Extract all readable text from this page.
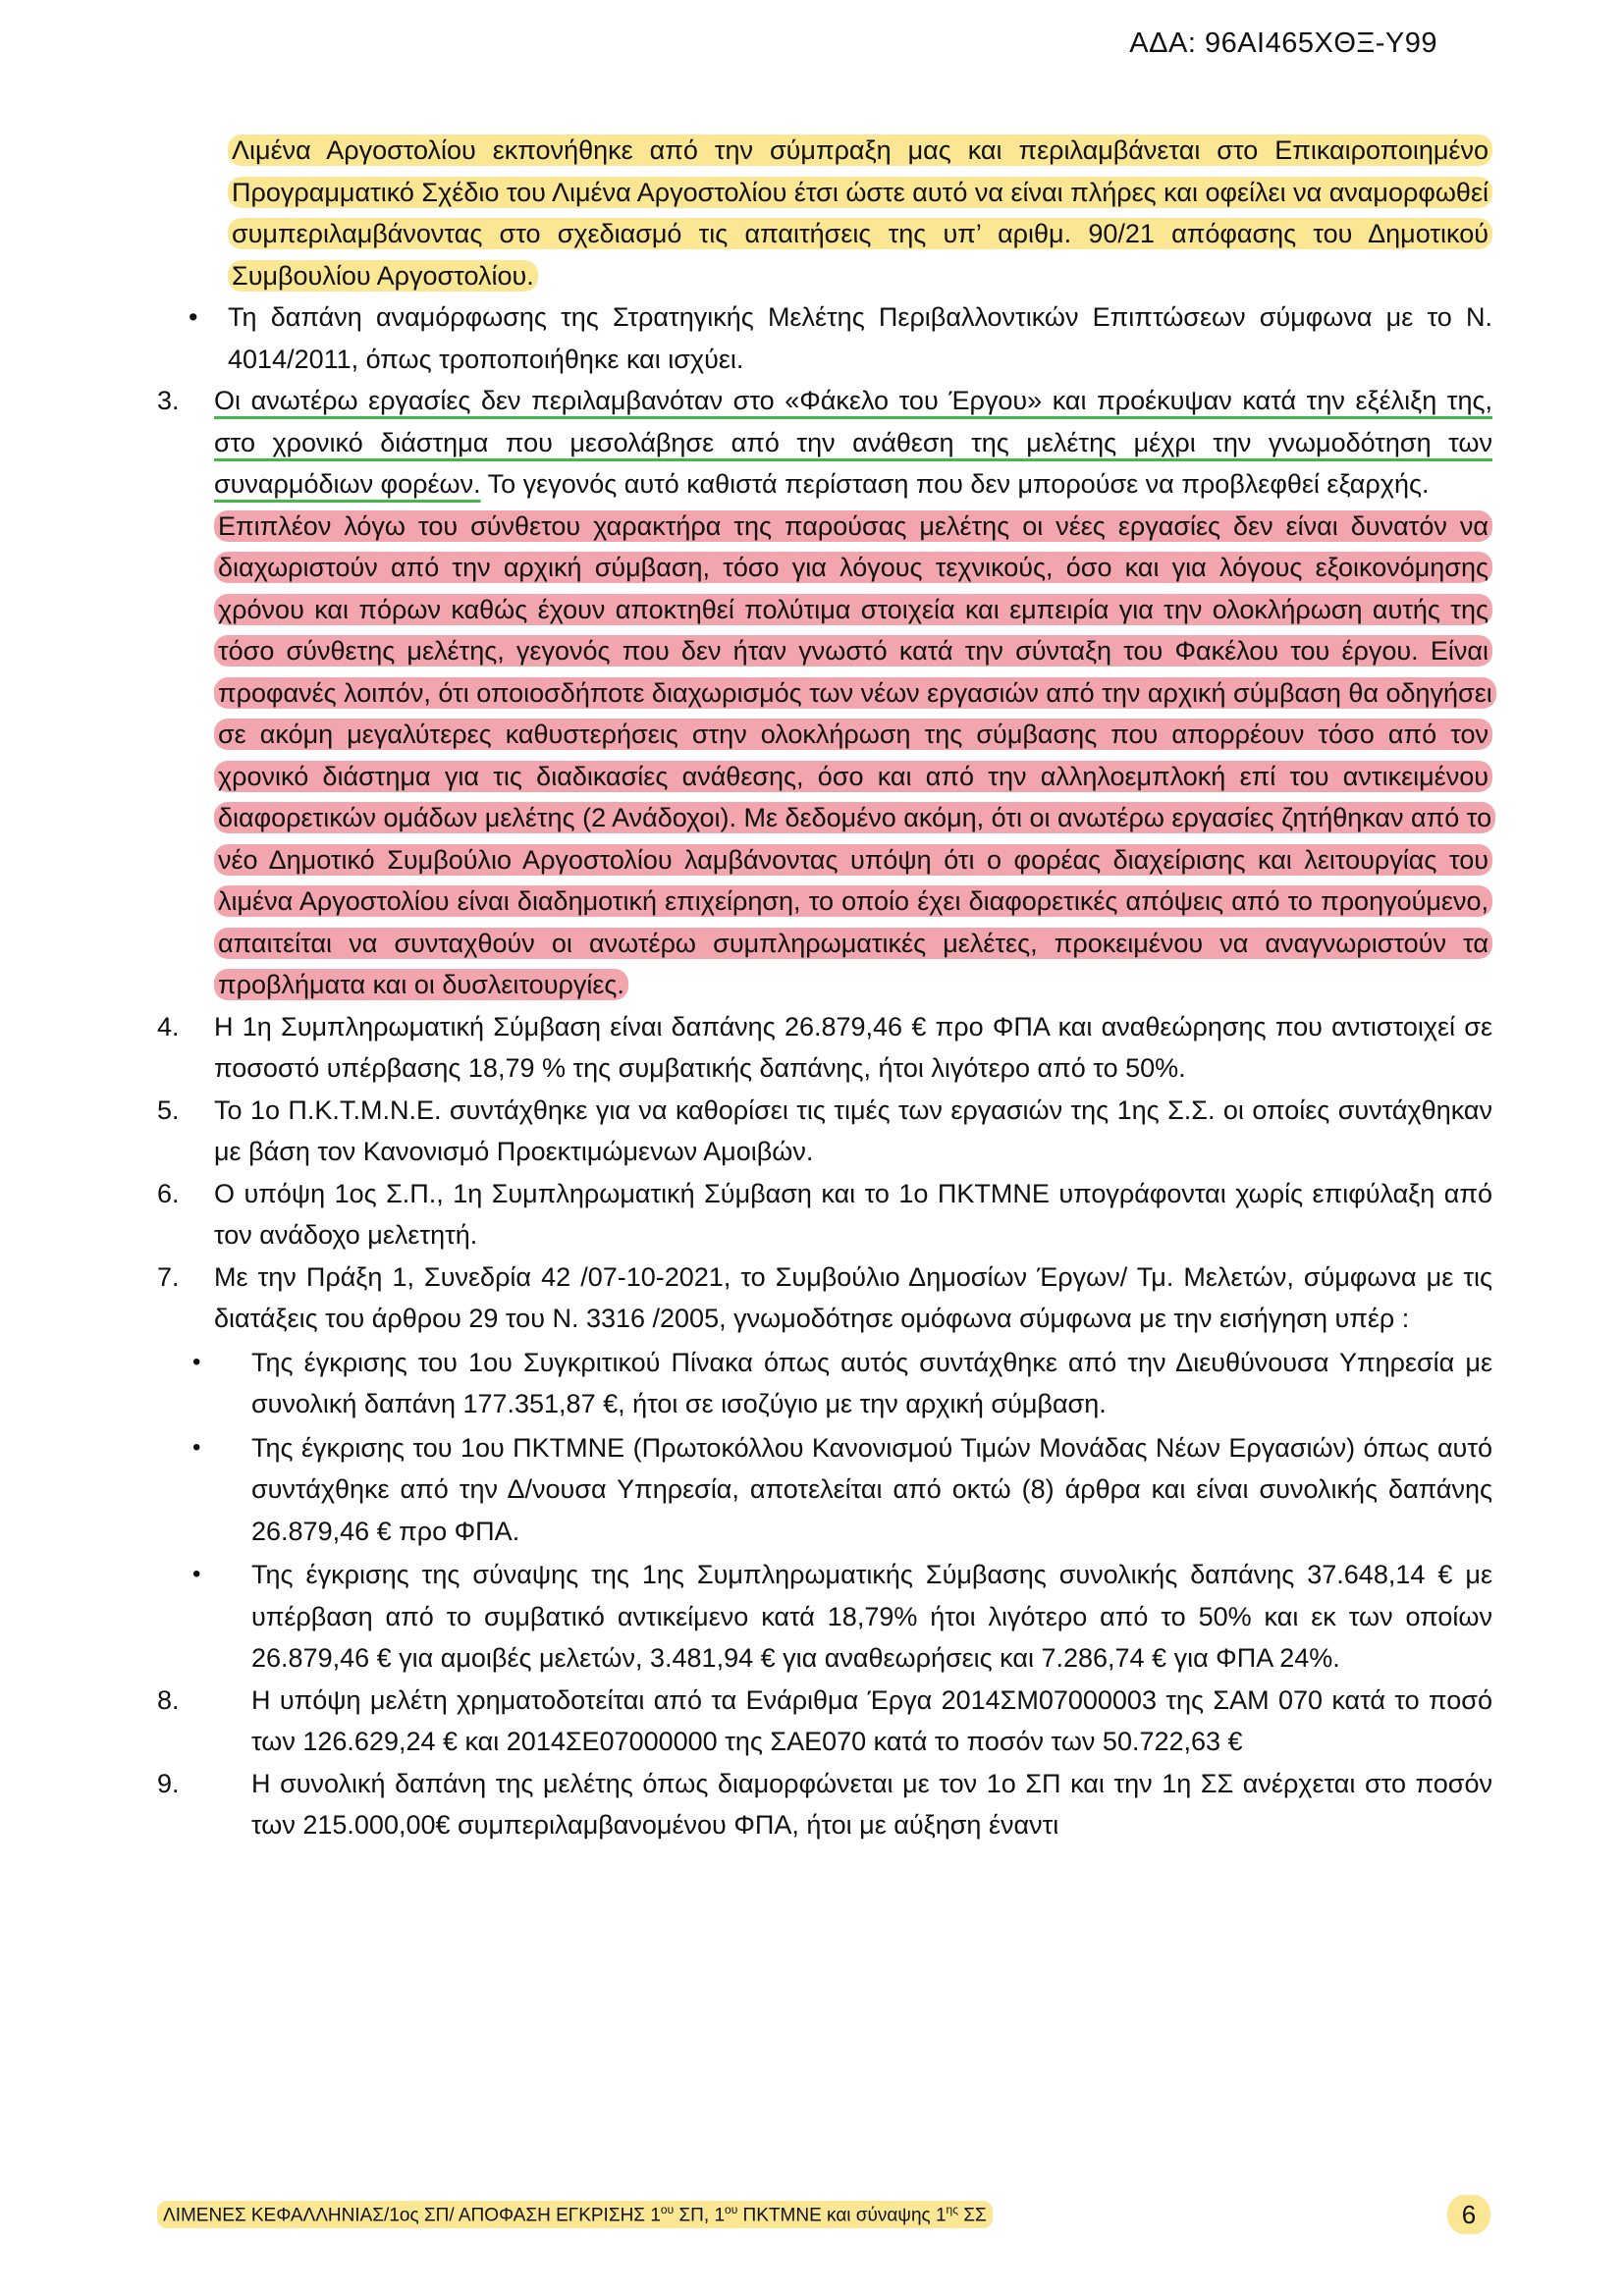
ΑΔΑ: 96ΑΙ465ΧΘΞ-Υ99
Λιμένα Αργοστολίου εκπονήθηκε από την σύμπραξη μας και περιλαμβάνεται στο Επικαιροποιημένο Προγραμματικό Σχέδιο του Λιμένα Αργοστολίου έτσι ώστε αυτό να είναι πλήρες και οφείλει να αναμορφωθεί συμπεριλαμβάνοντας στο σχεδιασμό τις απαιτήσεις της υπ’ αριθμ. 90/21 απόφασης του Δημοτικού Συμβουλίου Αργοστολίου.
• Τη δαπάνη αναμόρφωσης της Στρατηγικής Μελέτης Περιβαλλοντικών Επιπτώσεων σύμφωνα με το Ν. 4014/2011, όπως τροποποιήθηκε και ισχύει.
3. Οι ανωτέρω εργασίες δεν περιλαμβανόταν στο «Φάκελο του Έργου» και προέκυψαν κατά την εξέλιξη της, στο χρονικό διάστημα που μεσολάβησε από την ανάθεση της μελέτης μέχρι την γνωμοδότηση των συναρμόδιων φορέων. Το γεγονός αυτό καθιστά περίσταση που δεν μπορούσε να προβλεφθεί εξαρχής.
Επιπλέον λόγω του σύνθετου χαρακτήρα της παρούσας μελέτης οι νέες εργασίες δεν είναι δυνατόν να διαχωριστούν από την αρχική σύμβαση, τόσο για λόγους τεχνικούς, όσο και για λόγους εξοικονόμησης χρόνου και πόρων καθώς έχουν αποκτηθεί πολύτιμα στοιχεία και εμπειρία για την ολοκλήρωση αυτής της τόσο σύνθετης μελέτης, γεγονός που δεν ήταν γνωστό κατά την σύνταξη του Φακέλου του έργου. Είναι προφανές λοιπόν, ότι οποιοσδήποτε διαχωρισμός των νέων εργασιών από την αρχική σύμβαση θα οδηγήσει σε ακόμη μεγαλύτερες καθυστερήσεις στην ολοκλήρωση της σύμβασης που απορρέουν τόσο από τον χρονικό διάστημα για τις διαδικασίες ανάθεσης, όσο και από την αλληλοεμπλοκή επί του αντικειμένου διαφορετικών ομάδων μελέτης (2 Ανάδοχοι). Με δεδομένο ακόμη, ότι οι ανωτέρω εργασίες ζητήθηκαν από το νέο Δημοτικό Συμβούλιο Αργοστολίου λαμβάνοντας υπόψη ότι ο φορέας διαχείρισης και λειτουργίας του λιμένα Αργοστολίου είναι διαδημοτική επιχείρηση, το οποίο έχει διαφορετικές απόψεις από το προηγούμενο, απαιτείται να συνταχθούν οι ανωτέρω συμπληρωματικές μελέτες, προκειμένου να αναγνωριστούν τα προβλήματα και οι δυσλειτουργίες.
4. Η 1η Συμπληρωματική Σύμβαση είναι δαπάνης 26.879,46 € προ ΦΠΑ και αναθεώρησης που αντιστοιχεί σε ποσοστό υπέρβασης 18,79 % της συμβατικής δαπάνης, ήτοι λιγότερο από το 50%.
5. Το 1ο Π.Κ.Τ.Μ.Ν.Ε. συντάχθηκε για να καθορίσει τις τιμές των εργασιών της 1ης Σ.Σ. οι οποίες συντάχθηκαν με βάση τον Κανονισμό Προεκτιμώμενων Αμοιβών.
6. Ο υπόψη 1ος Σ.Π., 1η Συμπληρωματική Σύμβαση και το 1ο ΠΚΤΜΝΕ υπογράφονται χωρίς επιφύλαξη από τον ανάδοχο μελετητή.
7. Με την Πράξη 1, Συνεδρία 42 /07-10-2021, το Συμβούλιο Δημοσίων Έργων/ Τμ. Μελετών, σύμφωνα με τις διατάξεις του άρθρου 29 του Ν. 3316 /2005, γνωμοδότησε ομόφωνα σύμφωνα με την εισήγηση υπέρ :
• Της έγκρισης του 1ου Συγκριτικού Πίνακα όπως αυτός συντάχθηκε από την Διευθύνουσα Υπηρεσία με συνολική δαπάνη 177.351,87 €, ήτοι σε ισοζύγιο με την αρχική σύμβαση.
• Της έγκρισης του 1ου ΠΚΤΜΝΕ (Πρωτοκόλλου Κανονισμού Τιμών Μονάδας Νέων Εργασιών) όπως αυτό συντάχθηκε από την Δ/νουσα Υπηρεσία, αποτελείται από οκτώ (8) άρθρα και είναι συνολικής δαπάνης 26.879,46 € προ ΦΠΑ.
• Της έγκρισης της σύναψης της 1ης Συμπληρωματικής Σύμβασης συνολικής δαπάνης 37.648,14 € με υπέρβαση από το συμβατικό αντικείμενο κατά 18,79% ήτοι λιγότερο από το 50% και εκ των οποίων 26.879,46 € για αμοιβές μελετών, 3.481,94 € για αναθεωρήσεις και 7.286,74 € για ΦΠΑ 24%.
8.	Η υπόψη μελέτη χρηματοδοτείται από τα Ενάριθμα Έργα 2014ΣΜ07000003 της ΣΑΜ 070 κατά το ποσό των 126.629,24 € και 2014ΣΕ07000000 της ΣΑΕ070 κατά το ποσόν των 50.722,63 €
9.	Η συνολική δαπάνη της μελέτης όπως διαμορφώνεται με τον 1ο ΣΠ και την 1η ΣΣ ανέρχεται στο ποσόν των 215.000,00€ συμπεριλαμβανομένου ΦΠΑ, ήτοι με αύξηση έναντι
ΛΙΜΕΝΕΣ ΚΕΦΑΛΛΗΝΙΑΣ/1ος ΣΠ/ ΑΠΟΦΑΣΗ ΕΓΚΡΙΣΗΣ $1^{o\upsilon}$ ΣΠ, $1^{o\upsilon}$ ΠΚΤΜΝΕ και σύναψης $1^{\eta\varsigma}$ ΣΣ	6
